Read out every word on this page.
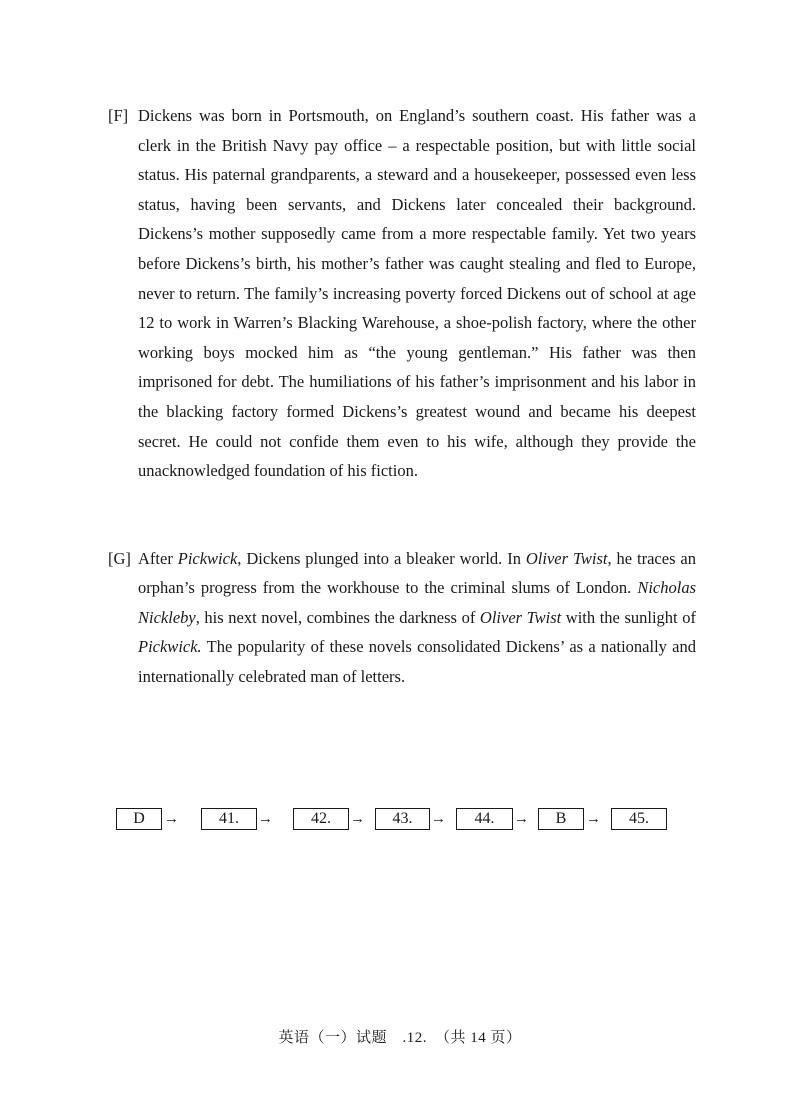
[F] Dickens was born in Portsmouth, on England’s southern coast. His father was a clerk in the British Navy pay office – a respectable position, but with little social status. His paternal grandparents, a steward and a housekeeper, possessed even less status, having been servants, and Dickens later concealed their background. Dickens’s mother supposedly came from a more respectable family. Yet two years before Dickens’s birth, his mother’s father was caught stealing and fled to Europe, never to return. The family’s increasing poverty forced Dickens out of school at age 12 to work in Warren’s Blacking Warehouse, a shoe-polish factory, where the other working boys mocked him as “the young gentleman.” His father was then imprisoned for debt. The humiliations of his father’s imprisonment and his labor in the blacking factory formed Dickens’s greatest wound and became his deepest secret. He could not confide them even to his wife, although they provide the unacknowledged foundation of his fiction.
[G] After Pickwick, Dickens plunged into a bleaker world. In Oliver Twist, he traces an orphan’s progress from the workhouse to the criminal slums of London. Nicholas Nickleby, his next novel, combines the darkness of Oliver Twist with the sunlight of Pickwick. The popularity of these novels consolidated Dickens’ as a nationally and internationally celebrated man of letters.
D	→	41.	→	42.	→	43.	→	44.	→	B	→	45.
英语（一）试题　.12.　（共 14 页）
